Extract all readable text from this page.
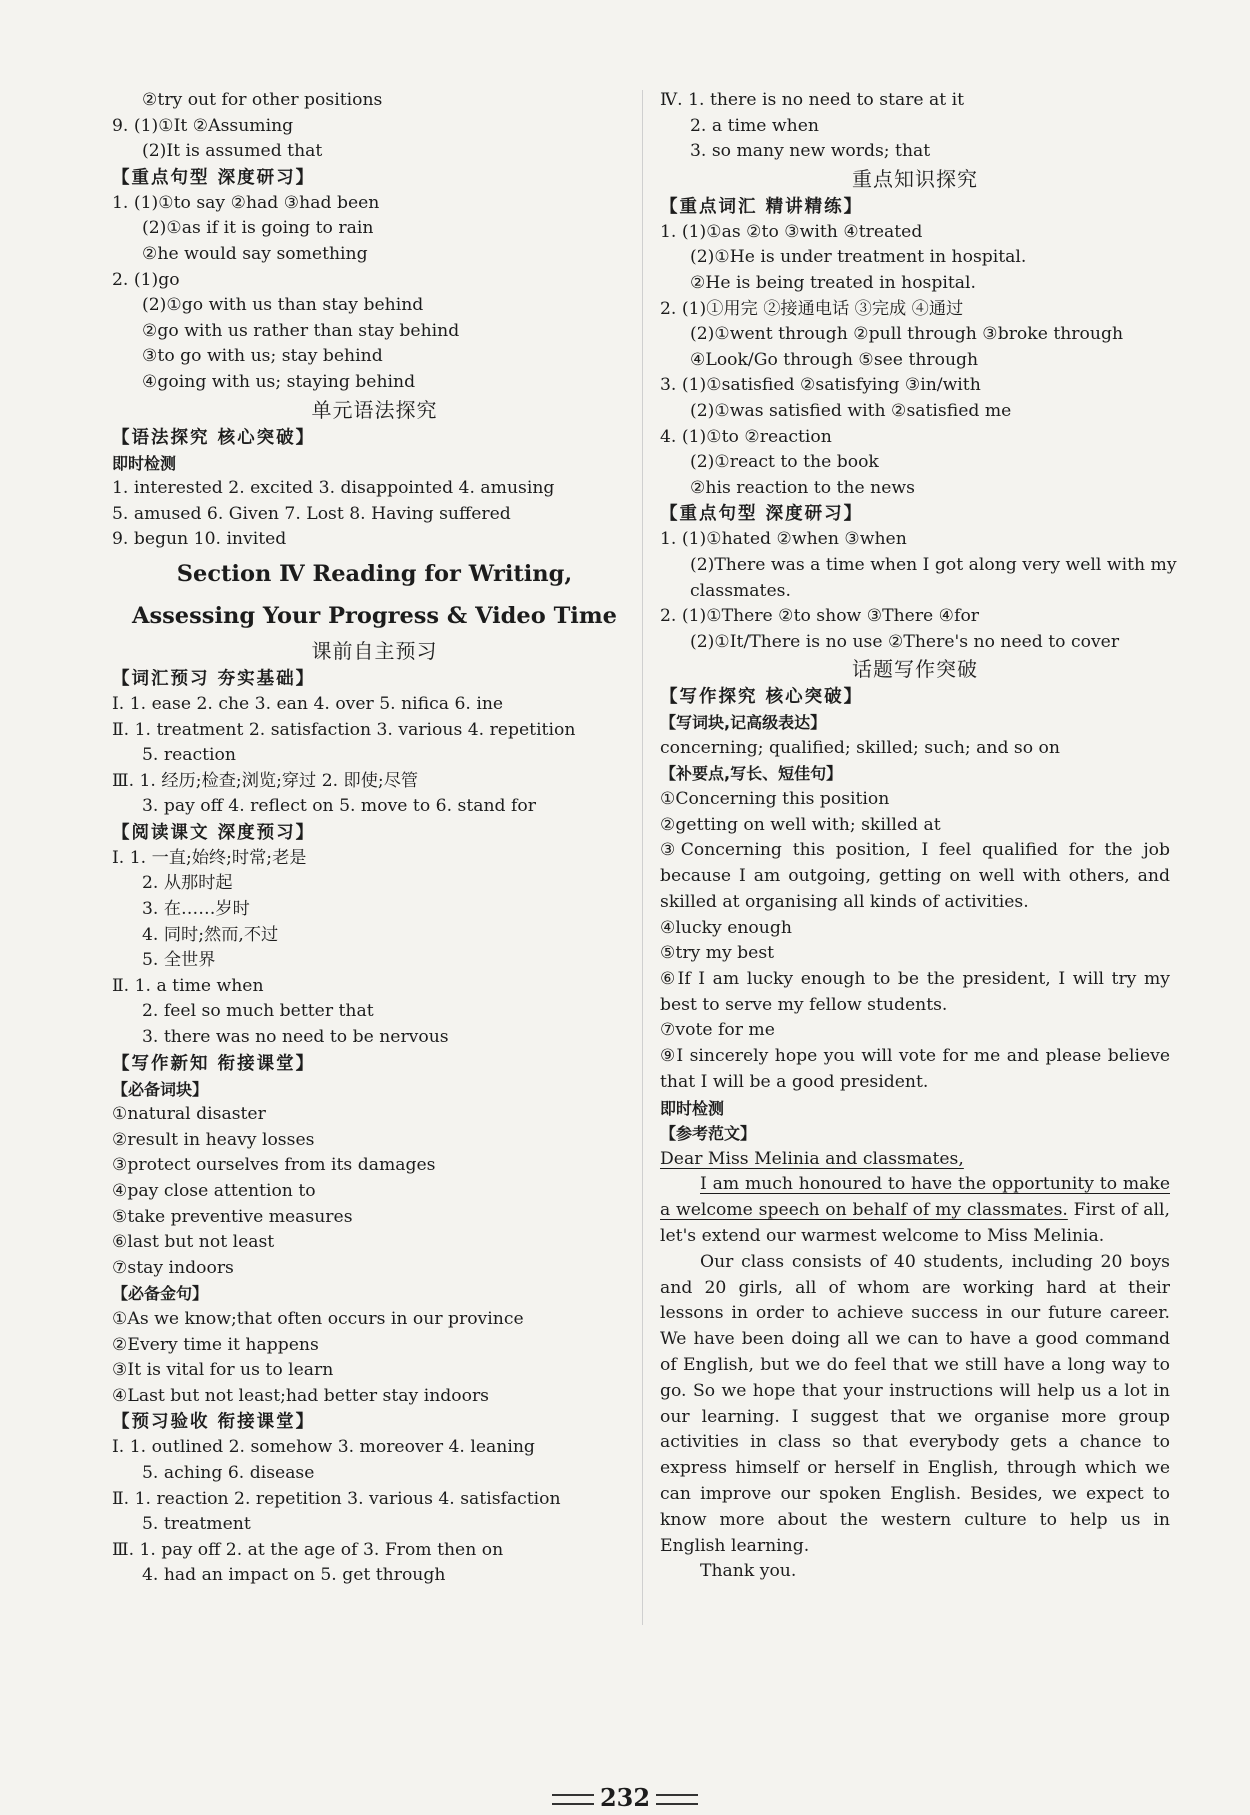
②try out for other positions
9. (1)①It ②Assuming
(2)It is assumed that
【重点句型 深度研习】
1. (1)①to say ②had ③had been
(2)①as if it is going to rain
②he would say something
2. (1)go
(2)①go with us than stay behind
②go with us rather than stay behind
③to go with us; stay behind
④going with us; staying behind
单元语法探究
【语法探究 核心突破】
即时检测
1. interested 2. excited 3. disappointed 4. amusing
5. amused 6. Given 7. Lost 8. Having suffered
9. begun 10. invited
Section Ⅳ Reading for Writing,
Assessing Your Progress & Video Time
课前自主预习
【词汇预习 夯实基础】
Ⅰ. 1. ease 2. che 3. ean 4. over 5. nifica 6. ine
Ⅱ. 1. treatment 2. satisfaction 3. various 4. repetition
5. reaction
Ⅲ. 1. 经历;检查;浏览;穿过 2. 即使;尽管
3. pay off 4. reflect on 5. move to 6. stand for
【阅读课文 深度预习】
Ⅰ. 1. 一直;始终;时常;老是
2. 从那时起
3. 在……岁时
4. 同时;然而,不过
5. 全世界
Ⅱ. 1. a time when
2. feel so much better that
3. there was no need to be nervous
【写作新知 衔接课堂】
【必备词块】
①natural disaster
②result in heavy losses
③protect ourselves from its damages
④pay close attention to
⑤take preventive measures
⑥last but not least
⑦stay indoors
【必备金句】
①As we know;that often occurs in our province
②Every time it happens
③It is vital for us to learn
④Last but not least;had better stay indoors
【预习验收 衔接课堂】
Ⅰ. 1. outlined 2. somehow 3. moreover 4. leaning
5. aching 6. disease
Ⅱ. 1. reaction 2. repetition 3. various 4. satisfaction
5. treatment
Ⅲ. 1. pay off 2. at the age of 3. From then on
4. had an impact on 5. get through
Ⅳ. 1. there is no need to stare at it
2. a time when
3. so many new words; that
重点知识探究
【重点词汇 精讲精练】
1. (1)①as ②to ③with ④treated
(2)①He is under treatment in hospital.
②He is being treated in hospital.
2. (1)①用完 ②接通电话 ③完成 ④通过
(2)①went through ②pull through ③broke through
④Look/Go through ⑤see through
3. (1)①satisfied ②satisfying ③in/with
(2)①was satisfied with ②satisfied me
4. (1)①to ②reaction
(2)①react to the book
②his reaction to the news
【重点句型 深度研习】
1. (1)①hated ②when ③when
(2)There was a time when I got along very well with my
classmates.
2. (1)①There ②to show ③There ④for
(2)①It/There is no use ②There's no need to cover
话题写作突破
【写作探究 核心突破】
【写词块,记高级表达】
concerning; qualified; skilled; such; and so on
【补要点,写长、短佳句】
①Concerning this position
②getting on well with; skilled at
③Concerning this position, I feel qualified for the job because I am outgoing, getting on well with others, and skilled at organising all kinds of activities.
④lucky enough
⑤try my best
⑥If I am lucky enough to be the president, I will try my best to serve my fellow students.
⑦vote for me
⑨I sincerely hope you will vote for me and please believe that I will be a good president.
即时检测
【参考范文】
Dear Miss Melinia and classmates,
I am much honoured to have the opportunity to make a welcome speech on behalf of my classmates. First of all, let's extend our warmest welcome to Miss Melinia.
Our class consists of 40 students, including 20 boys and 20 girls, all of whom are working hard at their lessons in order to achieve success in our future career. We have been doing all we can to have a good command of English, but we do feel that we still have a long way to go. So we hope that your instructions will help us a lot in our learning. I suggest that we organise more group activities in class so that everybody gets a chance to express himself or herself in English, through which we can improve our spoken English. Besides, we expect to know more about the western culture to help us in English learning.
Thank you.
232
